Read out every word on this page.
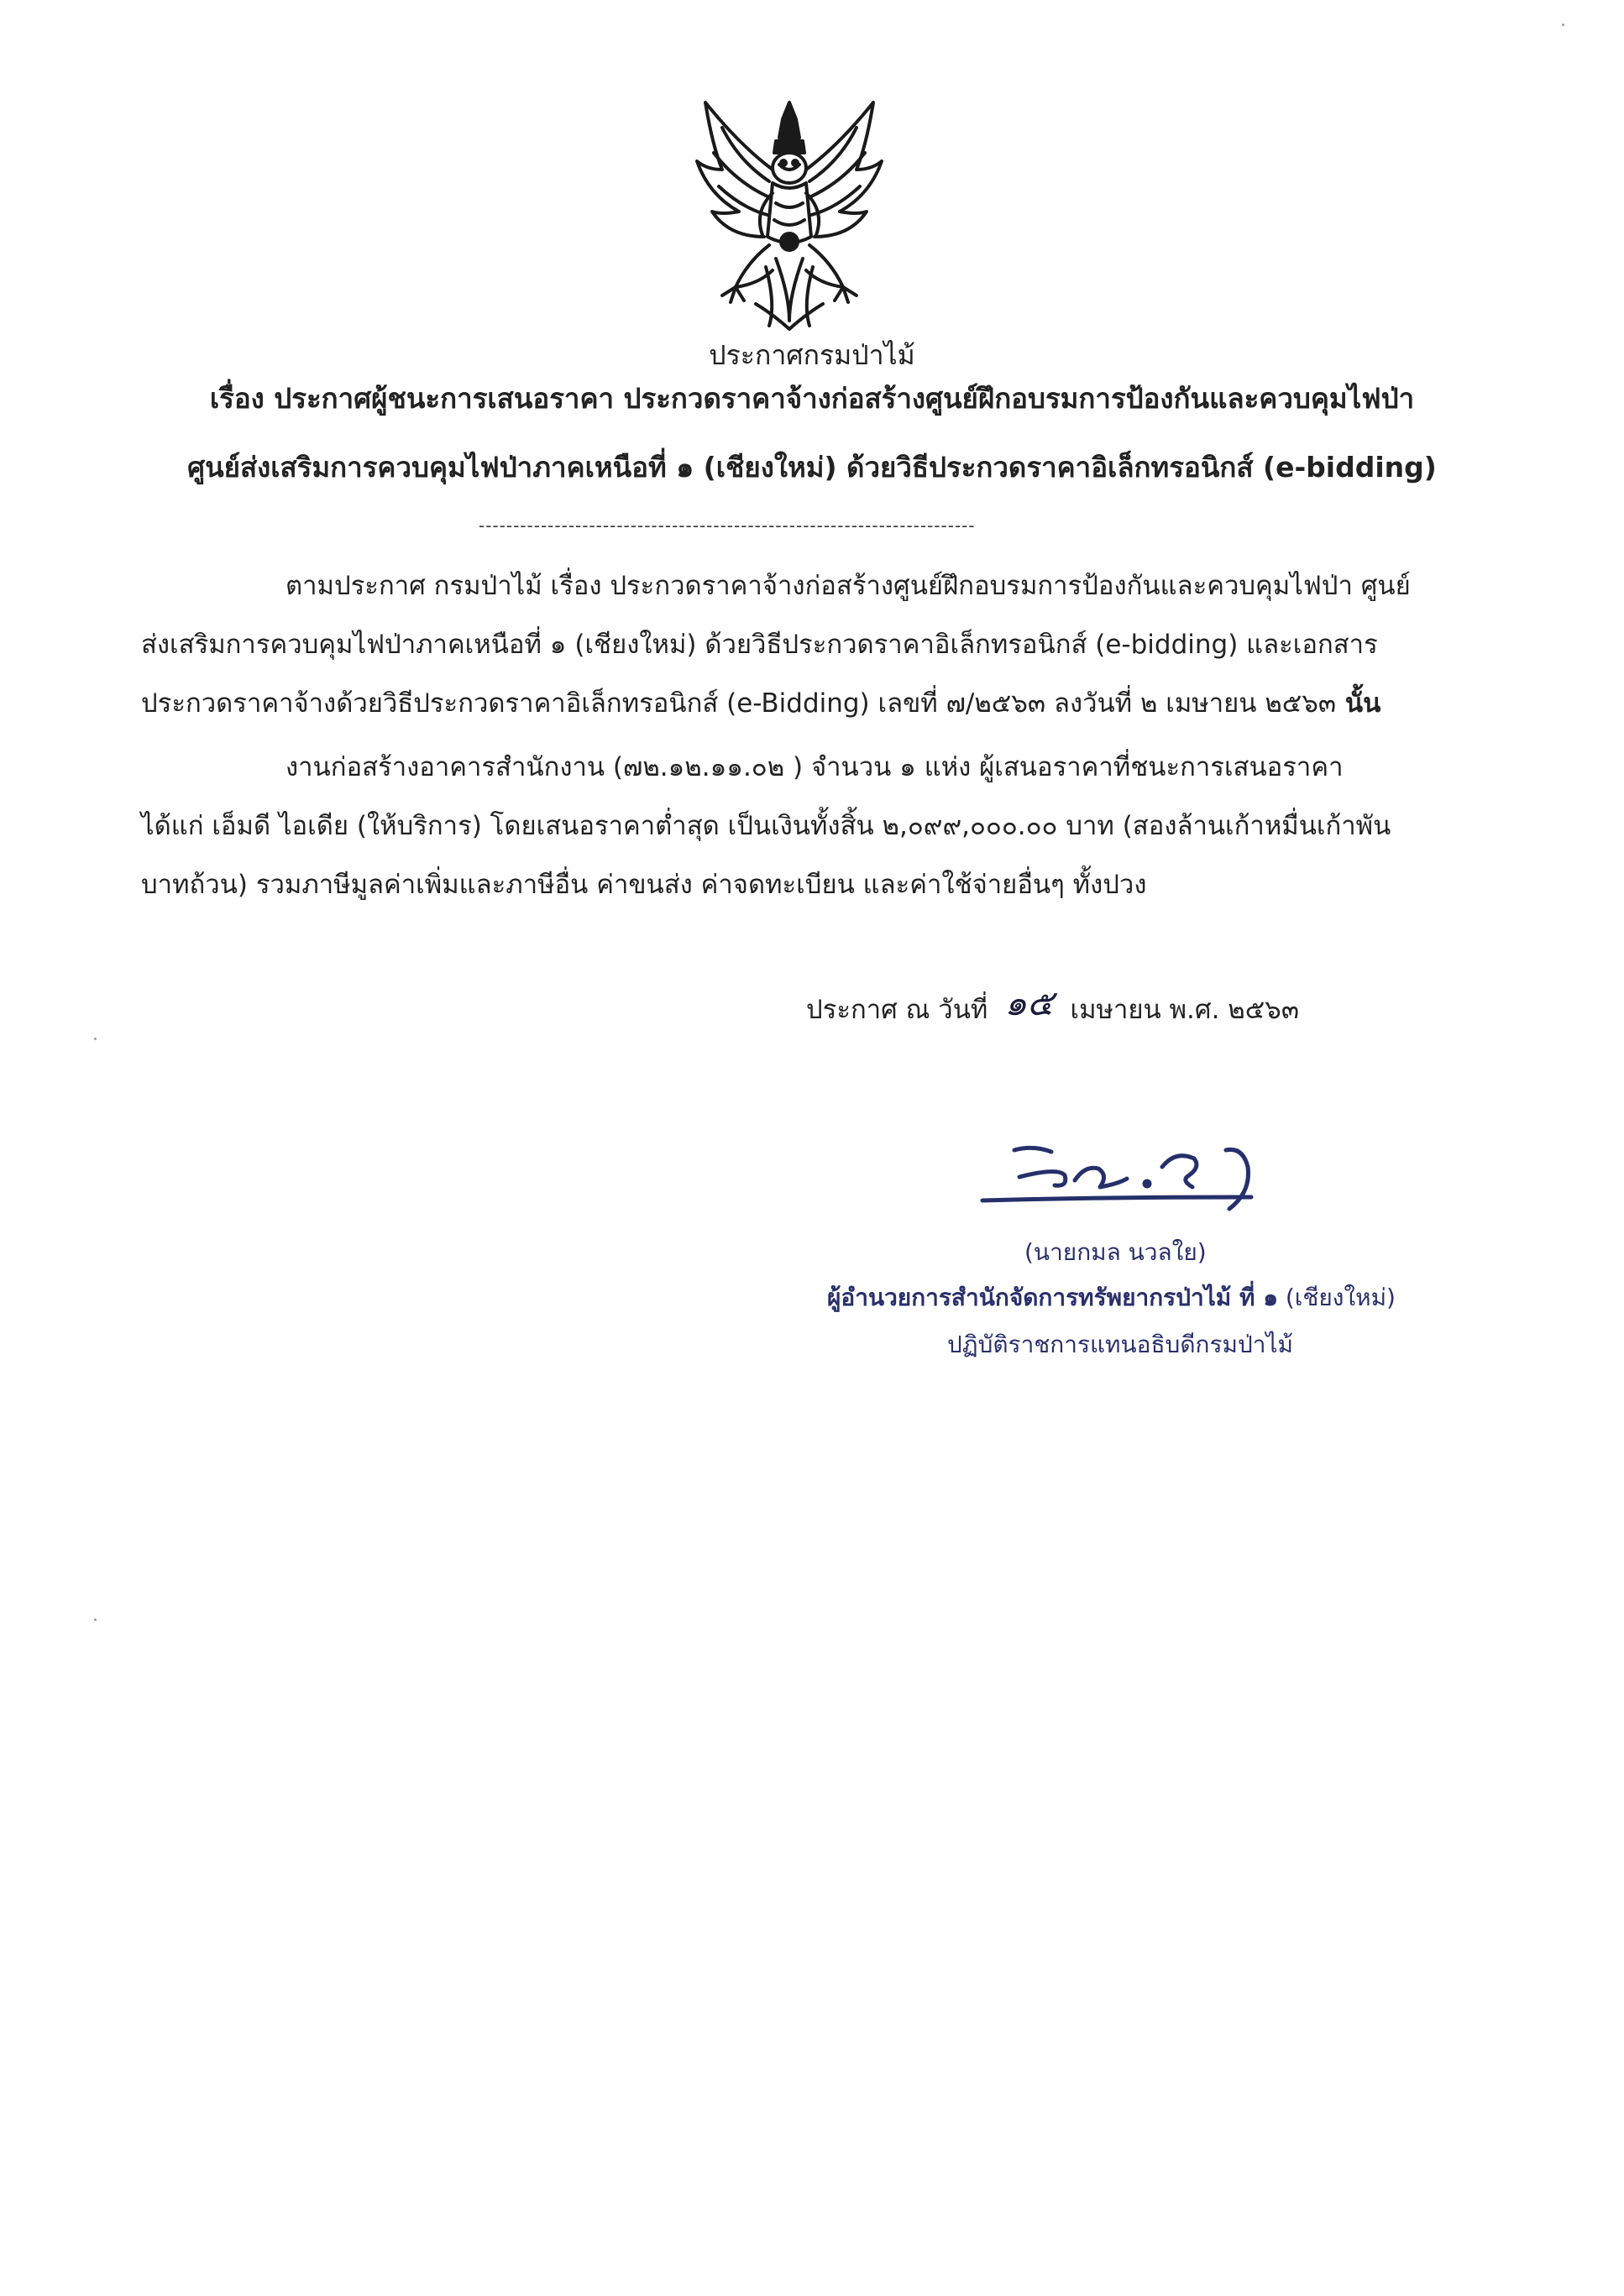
ประกาศกรมป่าไม้
เรื่อง ประกาศผู้ชนะการเสนอราคา ประกวดราคาจ้างก่อสร้างศูนย์ฝึกอบรมการป้องกันและควบคุมไฟป่า
ศูนย์ส่งเสริมการควบคุมไฟป่าภาคเหนือที่ ๑ (เชียงใหม่) ด้วยวิธีประกวดราคาอิเล็กทรอนิกส์ (e-bidding)
------------------------------------------------------------------------
ตามประกาศ กรมป่าไม้ เรื่อง ประกวดราคาจ้างก่อสร้างศูนย์ฝึกอบรมการป้องกันและควบคุมไฟป่า ศูนย์
ส่งเสริมการควบคุมไฟป่าภาคเหนือที่ ๑ (เชียงใหม่) ด้วยวิธีประกวดราคาอิเล็กทรอนิกส์ (e-bidding) และเอกสาร
ประกวดราคาจ้างด้วยวิธีประกวดราคาอิเล็กทรอนิกส์ (e-Bidding) เลขที่ ๗/๒๕๖๓ ลงวันที่ ๒ เมษายน ๒๕๖๓ นั้น
งานก่อสร้างอาคารสำนักงาน (๗๒.๑๒.๑๑.๐๒ ) จำนวน ๑ แห่ง ผู้เสนอราคาที่ชนะการเสนอราคา
ได้แก่ เอ็มดี ไอเดีย (ให้บริการ) โดยเสนอราคาต่ำสุด เป็นเงินทั้งสิ้น ๒,๐๙๙,๐๐๐.๐๐ บาท (สองล้านเก้าหมื่นเก้าพัน
บาทถ้วน) รวมภาษีมูลค่าเพิ่มและภาษีอื่น ค่าขนส่ง ค่าจดทะเบียน และค่าใช้จ่ายอื่นๆ ทั้งปวง
ประกาศ ณ วันที่ ๑๕ เมษายน พ.ศ. ๒๕๖๓
(นายกมล นวลใย)
ผู้อำนวยการสำนักจัดการทรัพยากรป่าไม้ ที่ ๑ (เชียงใหม่)
ปฏิบัติราชการแทนอธิบดีกรมป่าไม้
